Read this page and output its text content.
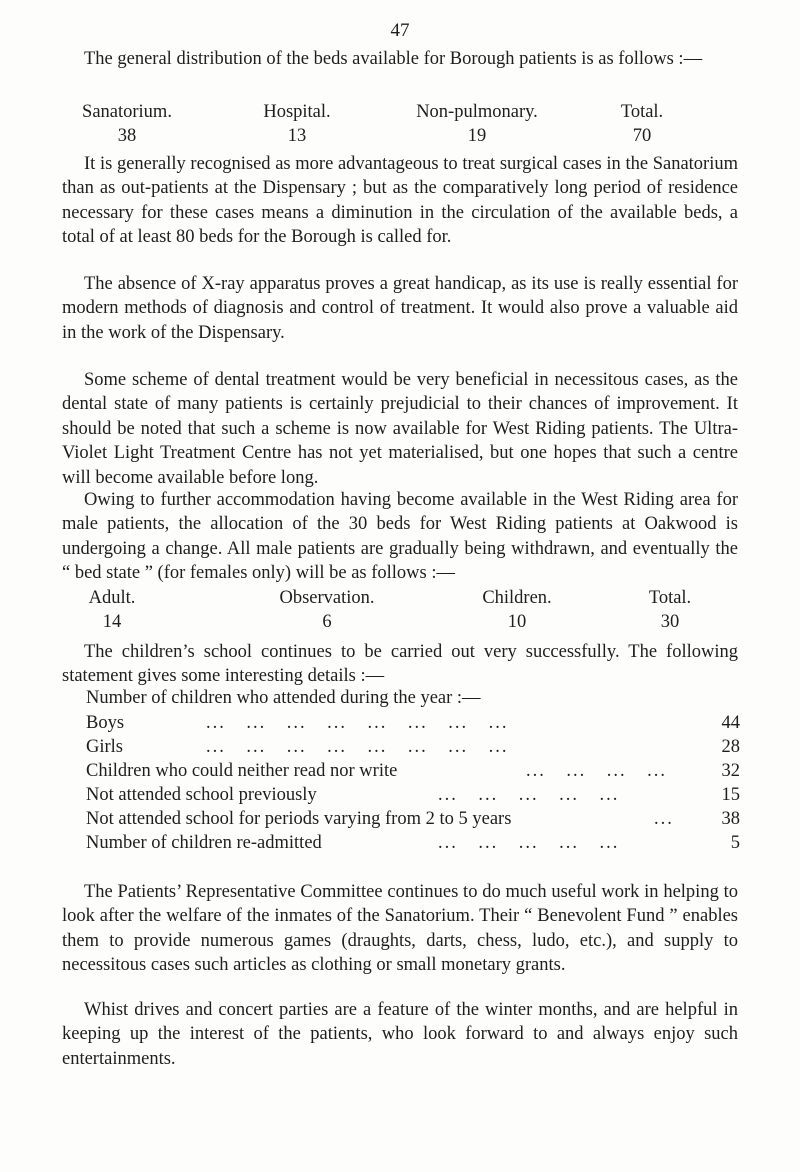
47

The general distribution of the beds available for Borough patients is as follows :—

Sanatorium.	Hospital.	Non-pulmonary.	Total.
38	13	19	70

It is generally recognised as more advantageous to treat surgical cases in the Sanatorium than as out-patients at the Dispensary ; but as the comparatively long period of residence necessary for these cases means a diminution in the circulation of the available beds, a total of at least 80 beds for the Borough is called for.

The absence of X-ray apparatus proves a great handicap, as its use is really essential for modern methods of diagnosis and control of treatment. It would also prove a valuable aid in the work of the Dispensary.

Some scheme of dental treatment would be very beneficial in necessitous cases, as the dental state of many patients is certainly prejudicial to their chances of improvement. It should be noted that such a scheme is now available for West Riding patients. The Ultra-Violet Light Treatment Centre has not yet materialised, but one hopes that such a centre will become available before long.

Owing to further accommodation having become available in the West Riding area for male patients, the allocation of the 30 beds for West Riding patients at Oakwood is undergoing a change. All male patients are gradually being withdrawn, and eventually the “ bed state ” (for females only) will be as follows :—

Adult.	Observation.	Children.	Total.
14	6	10	30

The children’s school continues to be carried out very successfully. The following statement gives some interesting details :—

Number of children who attended during the year :—
Boys	... ... ... ... ... ... ... ...	44
Girls	... ... ... ... ... ... ... ...	28
Children who could neither read nor write	... ... ... ...	32
Not attended school previously	... ... ... ... ...	15
Not attended school for periods varying from 2 to 5 years	...	38
Number of children re-admitted	... ... ... ... ...	5

The Patients’ Representative Committee continues to do much useful work in helping to look after the welfare of the inmates of the Sanatorium. Their “ Benevolent Fund ” enables them to provide numerous games (draughts, darts, chess, ludo, etc.), and supply to necessitous cases such articles as clothing or small monetary grants.

Whist drives and concert parties are a feature of the winter months, and are helpful in keeping up the interest of the patients, who look forward to and always enjoy such entertainments.
